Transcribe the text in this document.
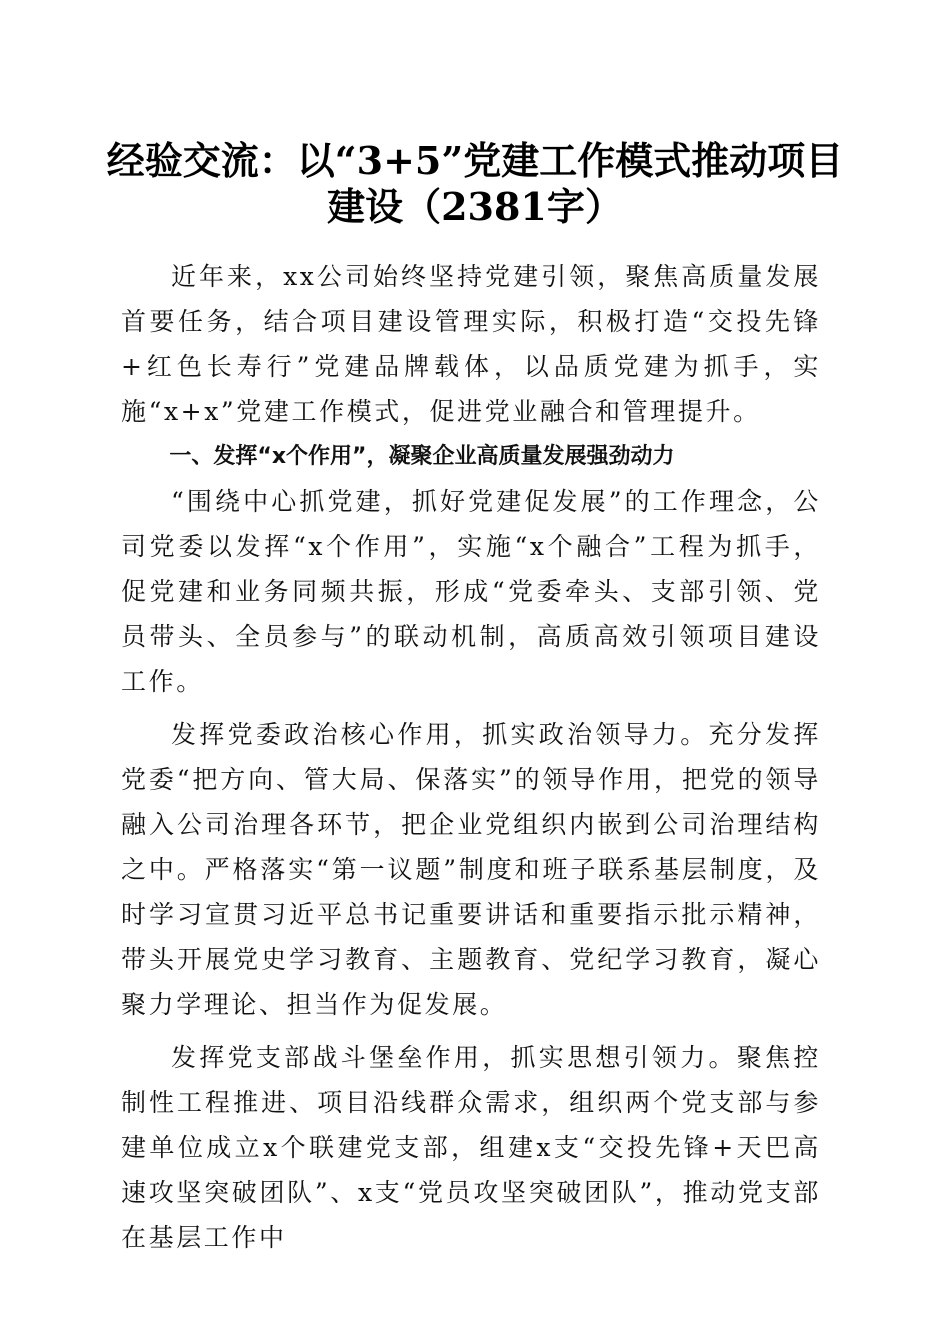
经验交流：以“3+5”党建工作模式推动项目
建设（2381字）

近年来，xx公司始终坚持党建引领，聚焦高质量发展首要任务，结合项目建设管理实际，积极打造“交投先锋+红色长寿行”党建品牌载体，以品质党建为抓手，实施“x+x”党建工作模式，促进党业融合和管理提升。

一、发挥“x个作用”，凝聚企业高质量发展强劲动力

“围绕中心抓党建，抓好党建促发展”的工作理念，公司党委以发挥“x个作用”，实施“x个融合”工程为抓手，促党建和业务同频共振，形成“党委牵头、支部引领、党员带头、全员参与”的联动机制，高质高效引领项目建设工作。

发挥党委政治核心作用，抓实政治领导力。充分发挥党委“把方向、管大局、保落实”的领导作用，把党的领导融入公司治理各环节，把企业党组织内嵌到公司治理结构之中。严格落实“第一议题”制度和班子联系基层制度，及时学习宣贯习近平总书记重要讲话和重要指示批示精神，带头开展党史学习教育、主题教育、党纪学习教育，凝心聚力学理论、担当作为促发展。

发挥党支部战斗堡垒作用，抓实思想引领力。聚焦控制性工程推进、项目沿线群众需求，组织两个党支部与参建单位成立x个联建党支部，组建x支“交投先锋+天巴高速攻坚突破团队”、x支“党员攻坚突破团队”，推动党支部在基层工作中
